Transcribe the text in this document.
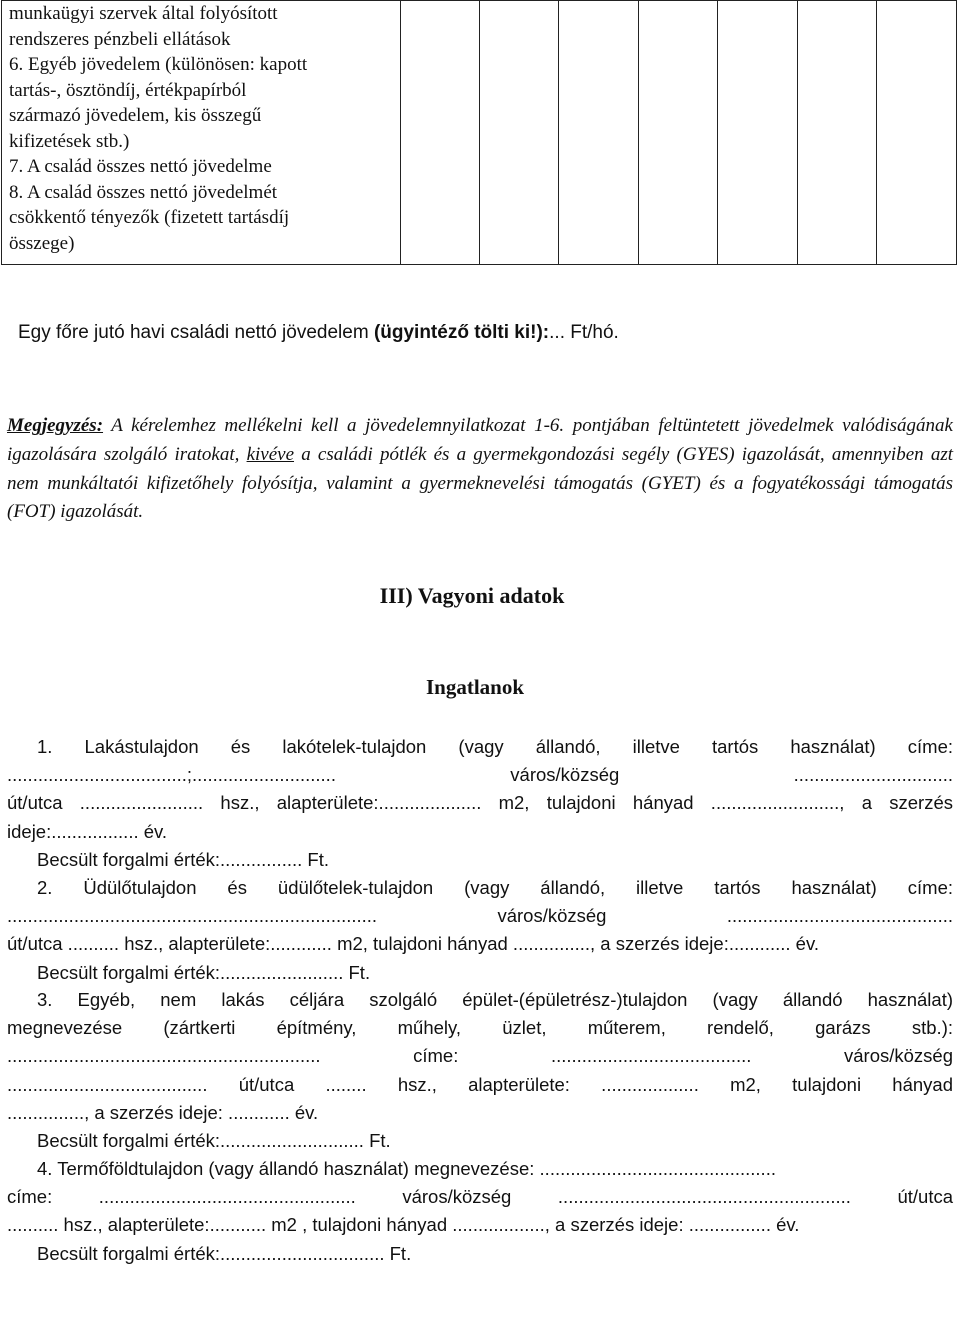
munkaügyi szervek által folyósított
rendszeres pénzbeli ellátások
6. Egyéb jövedelem (különösen: kapott
tartás-, ösztöndíj, értékpapírból
származó jövedelem, kis összegű
kifizetések stb.)
7. A család összes nettó jövedelme
8. A család összes nettó jövedelmét
csökkentő tényezők (fizetett tartásdíj
összege)

Egy főre jutó havi családi nettó jövedelem (ügyintéző tölti ki!):... Ft/hó.
Megjegyzés: A kérelemhez mellékelni kell a jövedelemnyilatkozat 1-6. pontjában feltüntetett jövedelmek valódiságának igazolására szolgáló iratokat, kivéve a családi pótlék és a gyermekgondozási segély (GYES) igazolását, amennyiben azt nem munkáltatói kifizetőhely folyósítja, valamint a gyermeknevelési támogatás (GYET) és a fogyatékossági támogatás (FOT) igazolását.
III) Vagyoni adatok
Ingatlanok
1. Lakástulajdon és lakótelek-tulajdon (vagy állandó, illetve tartós használat) címe:
...................................;............................ város/község ...............................
út/utca ........................ hsz., alapterülete:.................... m2, tulajdoni hányad ........................., a szerzés
ideje:................. év.
Becsült forgalmi érték:................ Ft.
2. Üdülőtulajdon és üdülőtelek-tulajdon (vagy állandó, illetve tartós használat) címe:
........................................................................ város/község ............................................
út/utca .......... hsz., alapterülete:............ m2, tulajdoni hányad ..............., a szerzés ideje:............ év.
Becsült forgalmi érték:........................ Ft.
3. Egyéb, nem lakás céljára szolgáló épület-(épületrész-)tulajdon (vagy állandó használat)
megnevezése (zártkerti építmény, műhely, üzlet, műterem, rendelő, garázs stb.):
............................................................. címe: ....................................... város/község
....................................... út/utca ........ hsz., alapterülete: ................... m2, tulajdoni hányad
..............., a szerzés ideje: ............ év.
Becsült forgalmi érték:............................ Ft.
4. Termőföldtulajdon (vagy állandó használat) megnevezése: ..............................................
címe: .................................................. város/község ......................................................... út/utca
.......... hsz., alapterülete:........... m2 , tulajdoni hányad .................., a szerzés ideje: ................ év.
Becsült forgalmi érték:................................ Ft.
